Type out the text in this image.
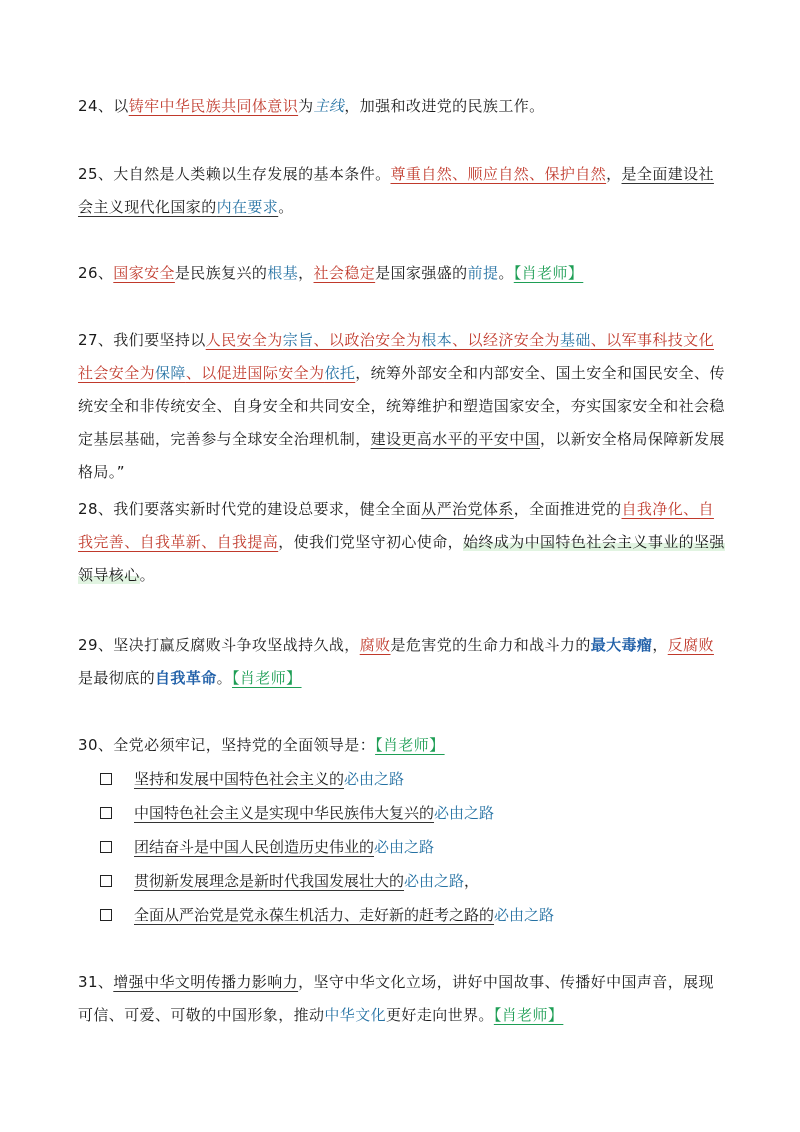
24、以铸牢中华民族共同体意识为主线，加强和改进党的民族工作。
25、大自然是人类赖以生存发展的基本条件。尊重自然、顺应自然、保护自然，是全面建设社会主义现代化国家的内在要求。
26、国家安全是民族复兴的根基，社会稳定是国家强盛的前提。【肖老师】
27、我们要坚持以人民安全为宗旨、以政治安全为根本、以经济安全为基础、以军事科技文化社会安全为保障、以促进国际安全为依托，统筹外部安全和内部安全、国土安全和国民安全、传统安全和非传统安全、自身安全和共同安全，统筹维护和塑造国家安全，夯实国家安全和社会稳定基层基础，完善参与全球安全治理机制，建设更高水平的平安中国，以新安全格局保障新发展格局。”
28、我们要落实新时代党的建设总要求，健全全面从严治党体系，全面推进党的自我净化、自我完善、自我革新、自我提高，使我们党坚守初心使命，始终成为中国特色社会主义事业的坚强领导核心。
29、坚决打赢反腐败斗争攻坚战持久战，腐败是危害党的生命力和战斗力的最大毒瘤，反腐败是最彻底的自我革命。【肖老师】
30、全党必须牢记，坚持党的全面领导是：【肖老师】
坚持和发展中国特色社会主义的必由之路
中国特色社会主义是实现中华民族伟大复兴的必由之路
团结奋斗是中国人民创造历史伟业的必由之路
贯彻新发展理念是新时代我国发展壮大的必由之路，
全面从严治党是党永葆生机活力、走好新的赶考之路的必由之路
31、增强中华文明传播力影响力，坚守中华文化立场，讲好中国故事、传播好中国声音，展现可信、可爱、可敬的中国形象，推动中华文化更好走向世界。【肖老师】
